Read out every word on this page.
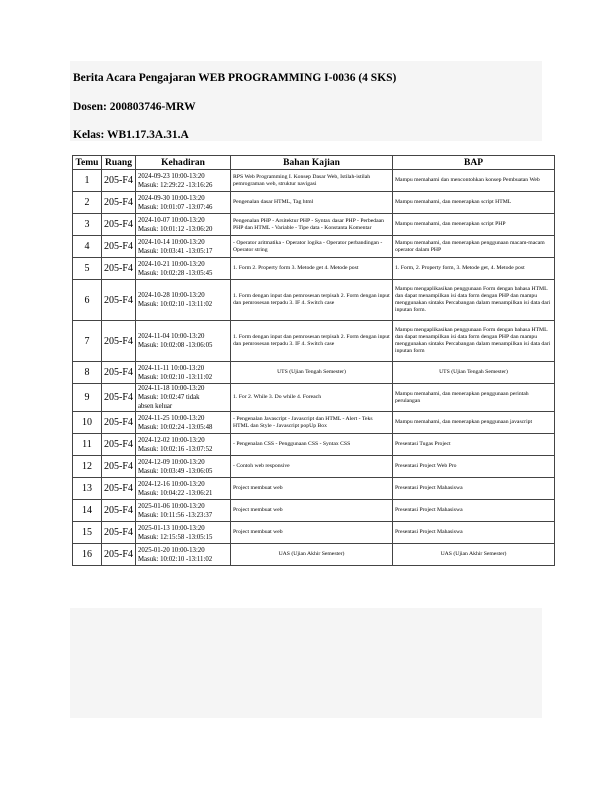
Berita Acara Pengajaran WEB PROGRAMMING I-0036 (4 SKS)
Dosen: 200803746-MRW
Kelas: WB1.17.3A.31.A
Temu	Ruang	Kehadiran	Bahan Kajian	BAP
1	205-F4	2024-09-23 10:00-13:20
Masuk: 12:29:22 -13:16:26	RPS Web Programming I. Konsep Dasar Web, Istilah-istilah pemrograman web, struktur navigasi	Mampu memahami dan mencontohkan konsep Pembuatan Web
2	205-F4	2024-09-30 10:00-13:20
Masuk: 10:01:07 -13:07:46	Pengenalan dasar HTML, Tag html	Mampu memahami, dan menerapkan script HTML
3	205-F4	2024-10-07 10:00-13:20
Masuk: 10:01:12 -13:06:20	Pengenalan PHP - Arsitektur PHP - Syntax dasar PHP - Perbedaan PHP dan HTML - Variable - Tipe data - Konstanta Komentar	Mampu memahami, dan menerapkan script PHP
4	205-F4	2024-10-14 10:00-13:20
Masuk: 10:03:41 -13:05:17	- Operator aritmatika - Operator logika - Operator perbandingan - Operator string	Mampu memahami, dan menerapkan penggunaan macam-macam operator dalam PHP
5	205-F4	2024-10-21 10:00-13:20
Masuk: 10:02:28 -13:05:45	1. Form 2. Property form 3. Metode get 4. Metode post	1. Form, 2. Property form, 3. Metode get, 4. Metode post
6	205-F4	2024-10-28 10:00-13:20
Masuk: 10:02:10 -13:11:02	1. Form dengan input dan pemrosesan terpisah 2. Form dengan input dan pemrosesan terpadu 3. IF 4. Switch case	Mampu mengaplikasikan penggunaan Form dengan bahasa HTML dan dapat menampilkan isi data form dengan PHP dan mampu menggunakan sintaks Percabangan dalam menampilkan isi data dari inputan form.
7	205-F4	2024-11-04 10:00-13:20
Masuk: 10:02:08 -13:06:05	1. Form dengan input dan pemrosesan terpisah 2. Form dengan input dan pemrosesan terpadu 3. IF 4. Switch case	Mampu mengaplikasikan penggunaan Form dengan bahasa HTML dan dapat menampilkan isi data form dengan PHP dan mampu menggunakan sintaks Percabangan dalam menampilkan isi data dari inputan form
8	205-F4	2024-11-11 10:00-13:20
Masuk: 10:02:10 -13:11:02	UTS (Ujian Tengah Semester)	UTS (Ujian Tengah Semester)
9	205-F4	2024-11-18 10:00-13:20
Masuk: 10:02:47 tidak absen keluar	1. For 2. While 3. Do while 4. Foreach	Mampu memahami, dan menerapkan penggunaan perintah perulangan
10	205-F4	2024-11-25 10:00-13:20
Masuk: 10:02:24 -13:05:48	- Pengenalan Javascript - Javascript dan HTML - Alert - Teks HTML dan Style - Javascript popUp Box	Mampu memahami, dan menerapkan penggunaan javascript
11	205-F4	2024-12-02 10:00-13:20
Masuk: 10:02:16 -13:07:52	- Pengenalan CSS - Penggunaan CSS - Syntax CSS	Presentasi Tugas Project
12	205-F4	2024-12-09 10:00-13:20
Masuk: 10:03:49 -13:06:05	- Contoh web responsive	Presentasi Project Web Pro
13	205-F4	2024-12-16 10:00-13:20
Masuk: 10:04:22 -13:06:21	Project membuat web	Presentasi Project Mahasiswa
14	205-F4	2025-01-06 10:00-13:20
Masuk: 10:11:56 -13:23:37	Project membuat web	Presentasi Project Mahasiswa
15	205-F4	2025-01-13 10:00-13:20
Masuk: 12:15:58 -13:05:15	Project membuat web	Presentasi Project Mahasiswa
16	205-F4	2025-01-20 10:00-13:20
Masuk: 10:02:10 -13:11:02	UAS (Ujian Akhir Semester)	UAS (Ujian Akhir Semester)
